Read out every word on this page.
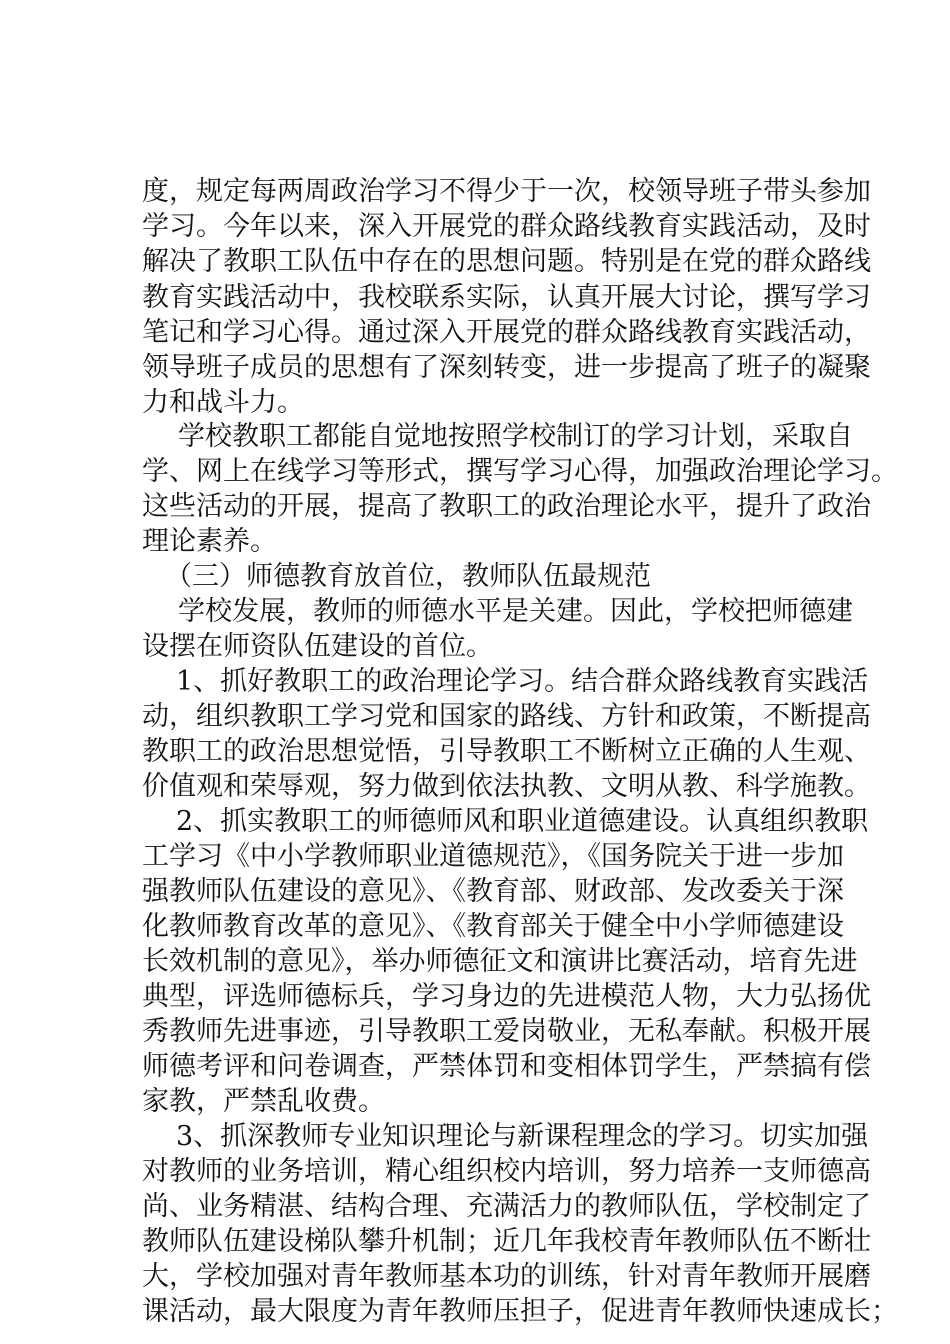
度，规定每两周政治学习不得少于一次，校领导班子带头参加
学习。今年以来，深入开展党的群众路线教育实践活动，及时
解决了教职工队伍中存在的思想问题。特别是在党的群众路线
教育实践活动中，我校联系实际，认真开展大讨论，撰写学习
笔记和学习心得。通过深入开展党的群众路线教育实践活动，
领导班子成员的思想有了深刻转变，进一步提高了班子的凝聚
力和战斗力。
学校教职工都能自觉地按照学校制订的学习计划，采取自
学、网上在线学习等形式，撰写学习心得，加强政治理论学习。
这些活动的开展，提高了教职工的政治理论水平，提升了政治
理论素养。
（三）师德教育放首位，教师队伍最规范
学校发展，教师的师德水平是关建。因此，学校把师德建
设摆在师资队伍建设的首位。
1、抓好教职工的政治理论学习。结合群众路线教育实践活
动，组织教职工学习党和国家的路线、方针和政策，不断提高
教职工的政治思想觉悟，引导教职工不断树立正确的人生观、
价值观和荣辱观，努力做到依法执教、文明从教、科学施教。
2、抓实教职工的师德师风和职业道德建设。认真组织教职
工学习《中小学教师职业道德规范》，《国务院关于进一步加
强教师队伍建设的意见》、《教育部、财政部、发改委关于深
化教师教育改革的意见》、《教育部关于健全中小学师德建设
长效机制的意见》，举办师德征文和演讲比赛活动，培育先进
典型，评选师德标兵，学习身边的先进模范人物，大力弘扬优
秀教师先进事迹，引导教职工爱岗敬业，无私奉献。积极开展
师德考评和问卷调查，严禁体罚和变相体罚学生，严禁搞有偿
家教，严禁乱收费。
3、抓深教师专业知识理论与新课程理念的学习。切实加强
对教师的业务培训，精心组织校内培训，努力培养一支师德高
尚、业务精湛、结构合理、充满活力的教师队伍，学校制定了
教师队伍建设梯队攀升机制；近几年我校青年教师队伍不断壮
大，学校加强对青年教师基本功的训练，针对青年教师开展磨
课活动，最大限度为青年教师压担子，促进青年教师快速成长；
